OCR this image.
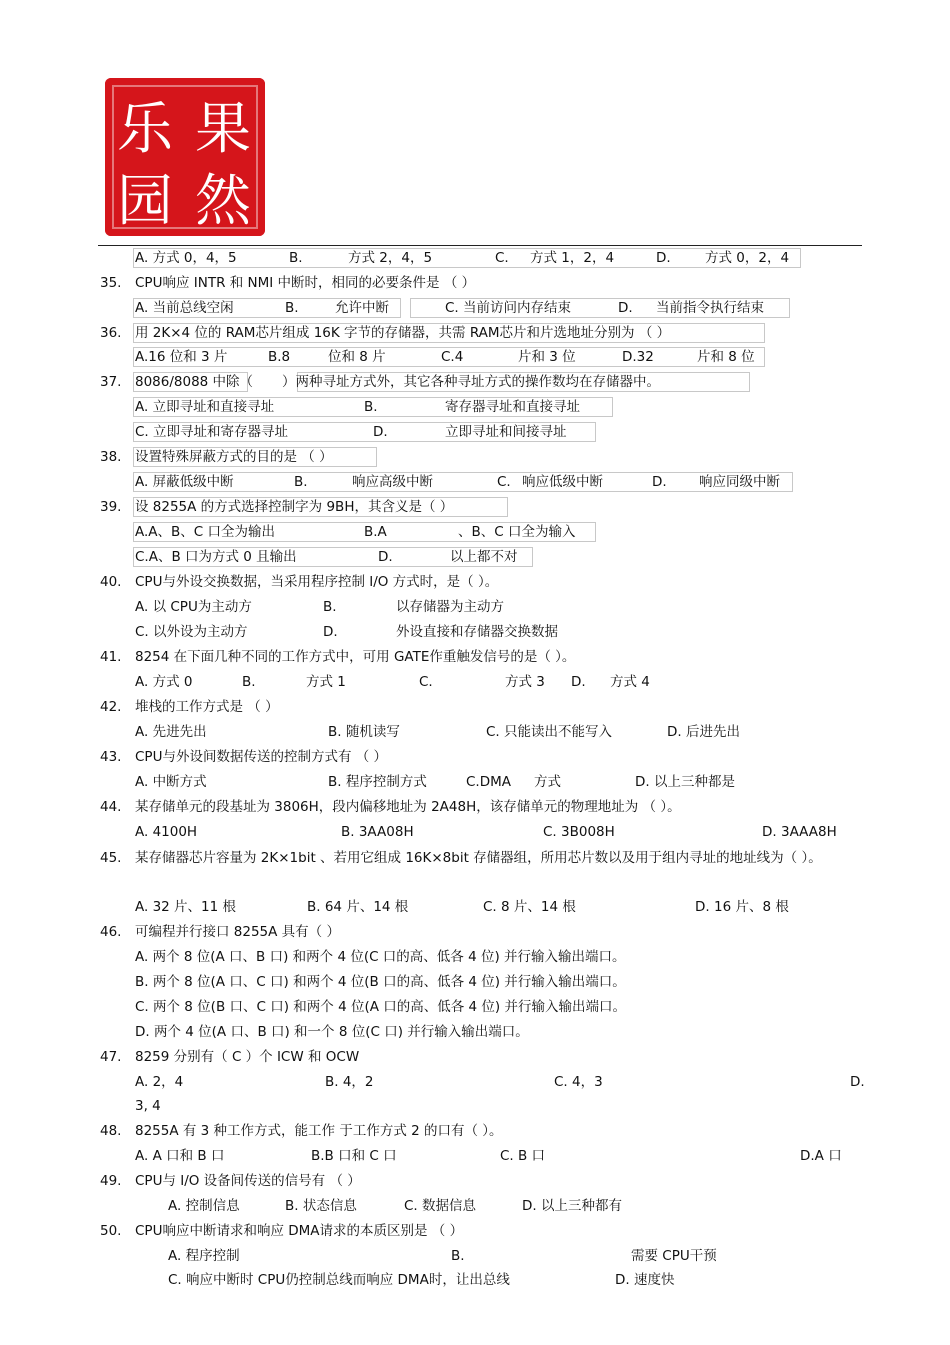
乐 果
园 然
A. 方式 0，4，5	B.	方式 2，4，5	C. 方式 1，2，4	D.	方式 0，2，4
35.	CPU响应 INTR 和 NMI 中断时，相同的必要条件是 （ ）
A. 当前总线空闲	B.	允许中断	C. 当前访问内存结束	D. 当前指令执行结束
36.	用 2K×4 位的 RAM芯片组成 16K 字节的存储器，共需 RAM芯片和片选地址分别为 （ ）
A.16 位和 3 片	B.8	位和 8 片	C.4	片和 3 位	D.32	片和 8 位
37.	8086/8088 中除（ ）两种寻址方式外，其它各种寻址方式的操作数均在存储器中。
A. 立即寻址和直接寻址	B.	寄存器寻址和直接寻址
C. 立即寻址和寄存器寻址	D.	立即寻址和间接寻址
38.	设置特殊屏蔽方式的目的是 （ ）
A. 屏蔽低级中断	B.	响应高级中断	C. 响应低级中断	D. 响应同级中断
39.	设 8255A 的方式选择控制字为 9BH，其含义是（ ）
A.A、B、C 口全为输出	B.A	、B、C 口全为输入
C.A、B 口为方式 0 且输出	D.	以上都不对
40.	CPU与外设交换数据，当采用程序控制 I/O 方式时，是（ ）。
A. 以 CPU为主动方	B.	以存储器为主动方
C. 以外设为主动方	D.	外设直接和存储器交换数据
41.	8254 在下面几种不同的工作方式中，可用 GATE作重触发信号的是（ ）。
A. 方式 0	B.	方式 1	C.	方式 3 D. 方式 4
42.	堆栈的工作方式是 （ ）
A. 先进先出	B. 随机读写	C. 只能读出不能写入	D. 后进先出
43.	CPU与外设间数据传送的控制方式有 （ ）
A. 中断方式	B. 程序控制方式	C.DMA 方式	D. 以上三种都是
44.	某存储单元的段基址为 3806H，段内偏移地址为 2A48H，该存储单元的物理地址为 （ ）。
A. 4100H	B. 3AA08H	C. 3B008H	D. 3AAA8H
45.	某存储器芯片容量为 2K×1bit 、若用它组成 16K×8bit 存储器组，所用芯片数以及用于组内寻址的地址线为（ ）。
A. 32 片、11 根	B. 64 片、14 根	C. 8 片、14 根	D. 16 片、8 根
46.	可编程并行接口 8255A 具有（ ）
A. 两个 8 位(A 口、B 口) 和两个 4 位(C 口的高、低各 4 位) 并行输入输出端口。
B. 两个 8 位(A 口、C 口) 和两个 4 位(B 口的高、低各 4 位) 并行输入输出端口。
C. 两个 8 位(B 口、C 口) 和两个 4 位(A 口的高、低各 4 位) 并行输入输出端口。
D. 两个 4 位(A 口、B 口) 和一个 8 位(C 口) 并行输入输出端口。
47.	8259 分别有（ C ）个 ICW 和 OCW
A. 2，4	B. 4，2	C. 4，3	D.
3, 4
48.	8255A 有 3 种工作方式，能工作 于工作方式 2 的口有（ ）。
A. A 口和 B 口	B.B 口和 C 口	C. B 口	D.A 口
49.	CPU与 I/O 设备间传送的信号有 （ ）
A. 控制信息	B. 状态信息	C. 数据信息	D. 以上三种都有
50.	CPU响应中断请求和响应 DMA请求的本质区别是 （ ）
A. 程序控制	B.	需要 CPU干预
C. 响应中断时 CPU仍控制总线而响应 DMA时，让出总线	D. 速度快
